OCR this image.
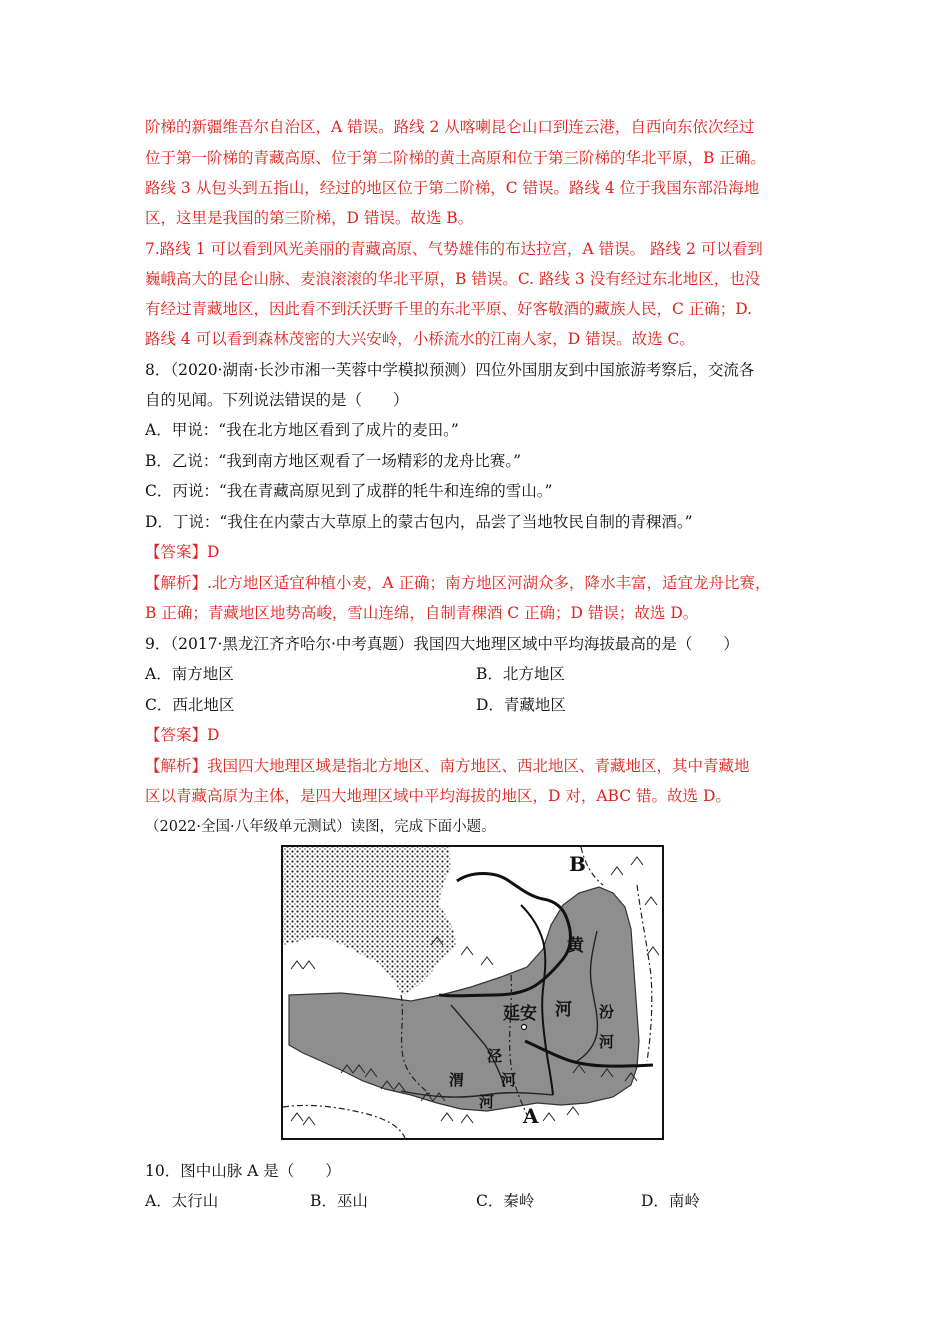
阶梯的新疆维吾尔自治区，A 错误。路线 2 从喀喇昆仑山口到连云港，自西向东依次经过
位于第一阶梯的青藏高原、位于第二阶梯的黄土高原和位于第三阶梯的华北平原，B 正确。
路线 3 从包头到五指山，经过的地区位于第二阶梯，C 错误。路线 4 位于我国东部沿海地
区，这里是我国的第三阶梯，D 错误。故选 B。
7.路线 1 可以看到风光美丽的青藏高原、气势雄伟的布达拉宫，A 错误。 路线 2 可以看到
巍峨高大的昆仑山脉、麦浪滚滚的华北平原，B 错误。C. 路线 3 没有经过东北地区，也没
有经过青藏地区，因此看不到沃沃野千里的东北平原、好客敬酒的藏族人民，C 正确；D.
路线 4 可以看到森林茂密的大兴安岭，小桥流水的江南人家，D 错误。故选 C。
8．（2020·湖南·长沙市湘一芙蓉中学模拟预测）四位外国朋友到中国旅游考察后，交流各
自的见闻。下列说法错误的是（　　）
A．甲说：“我在北方地区看到了成片的麦田。”
B．乙说：“我到南方地区观看了一场精彩的龙舟比赛。”
C．丙说：“我在青藏高原见到了成群的牦牛和连绵的雪山。”
D．丁说：“我住在内蒙古大草原上的蒙古包内，品尝了当地牧民自制的青稞酒。”
【答案】D
【解析】.北方地区适宜种植小麦，A 正确；南方地区河湖众多，降水丰富，适宜龙舟比赛，
B 正确；青藏地区地势高峻，雪山连绵，自制青稞酒 C 正确；D 错误；故选 D。
9．（2017·黑龙江齐齐哈尔·中考真题）我国四大地理区域中平均海拔最高的是（　　）
A．南方地区	B．北方地区
C．西北地区	D．青藏地区
【答案】D
【解析】我国四大地理区域是指北方地区、南方地区、西北地区、青藏地区，其中青藏地
区以青藏高原为主体，是四大地理区域中平均海拔的地区，D 对，ABC 错。故选 D。
（2022·全国·八年级单元测试）读图，完成下面小题。
B
A
延安
黄
河 汾
河
泾
河
渭
河
10．图中山脉 A 是（　　）
A．太行山	B．巫山	C．秦岭	D．南岭
